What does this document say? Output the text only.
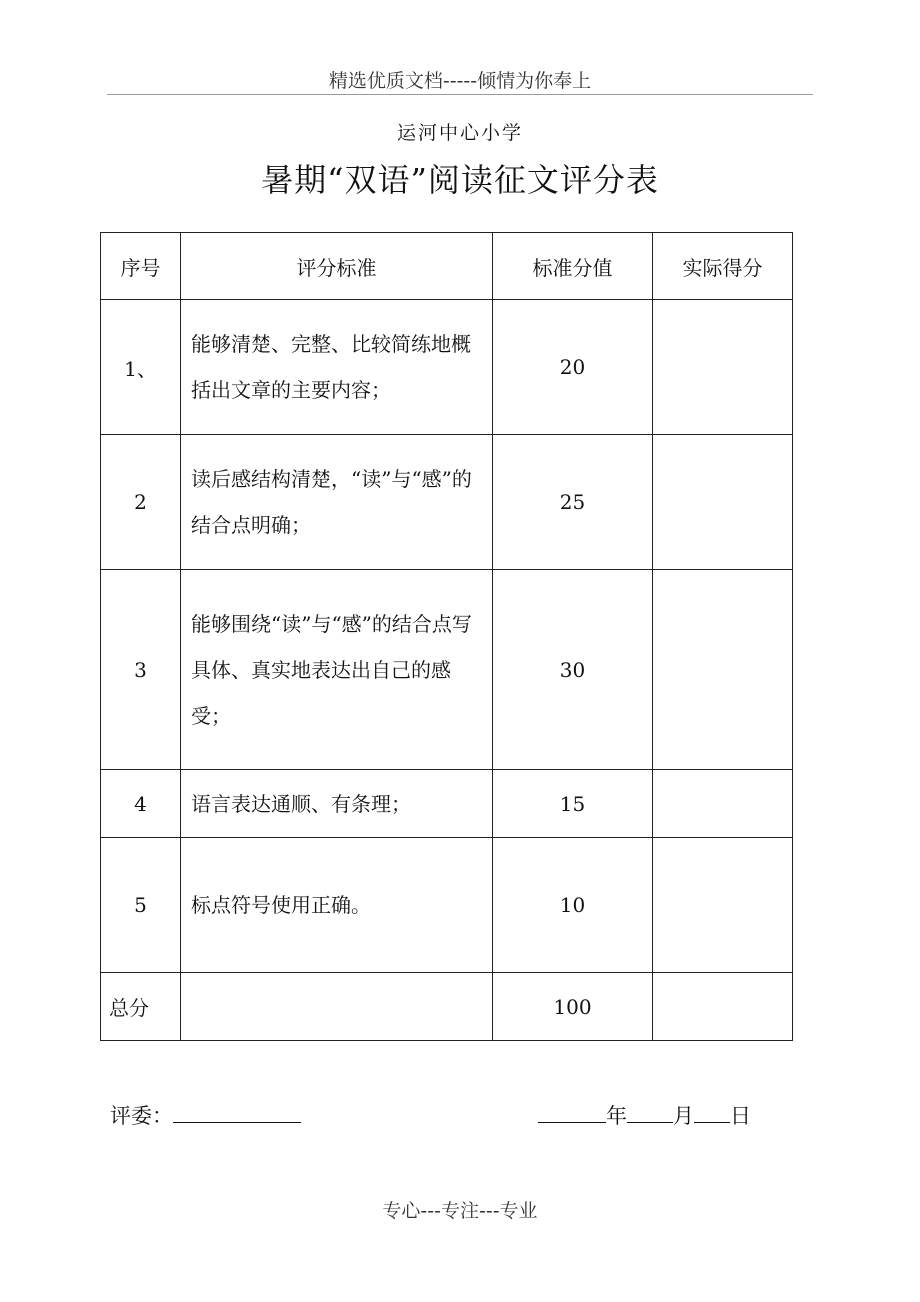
精选优质文档-----倾情为你奉上
运河中心小学
暑期“双语”阅读征文评分表
序号	评分标准	标准分值	实际得分
1、	能够清楚、完整、比较简练地概括出文章的主要内容；	20	
2	读后感结构清楚，“读”与“感”的结合点明确；	25	
3	能够围绕“读”与“感”的结合点写具体、真实地表达出自己的感受；	30	
4	语言表达通顺、有条理；	15	
5	标点符号使用正确。	10	
总分		100	
评委：	年 月 日
专心---专注---专业
